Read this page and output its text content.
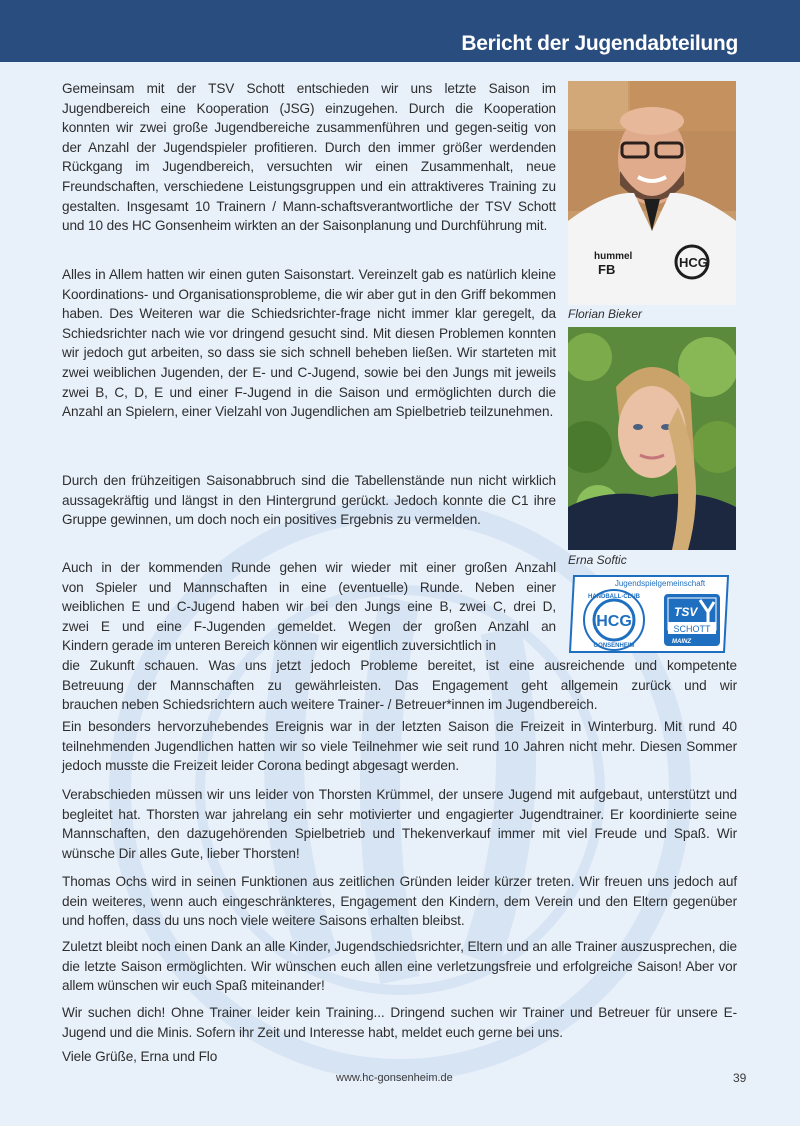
Bericht der Jugendabteilung
Gemeinsam mit der TSV Schott entschieden wir uns letzte Saison im Jugendbereich eine Kooperation (JSG) einzugehen. Durch die Kooperation konnten wir zwei große Jugendbereiche zusammenführen und gegen-seitig von der Anzahl der Jugendspieler profitieren. Durch den immer größer werdenden Rückgang im Jugendbereich, versuchten wir einen Zusammenhalt, neue Freundschaften, verschiedene Leistungsgruppen und ein attraktiveres Training zu gestalten. Insgesamt 10 Trainern / Mann-schaftsverantwortliche der TSV Schott und 10 des HC Gonsenheim wirkten an der Saisonplanung und Durchführung mit.
Alles in Allem hatten wir einen guten Saisonstart. Vereinzelt gab es natürlich kleine Koordinations- und Organisationsprobleme, die wir aber gut in den Griff bekommen haben. Des Weiteren war die Schiedsrichter-frage nicht immer klar geregelt, da Schiedsrichter nach wie vor dringend gesucht sind. Mit diesen Problemen konnten wir jedoch gut arbeiten, so dass sie sich schnell beheben ließen. Wir starteten mit zwei weiblichen Jugenden, der E- und C-Jugend, sowie bei den Jungs mit jeweils zwei B, C, D, E und einer F-Jugend in die Saison und ermöglichten durch die Anzahl an Spielern, einer Vielzahl von Jugendlichen am Spielbetrieb teilzunehmen.
Durch den frühzeitigen Saisonabbruch sind die Tabellenstände nun nicht wirklich aussagekräftig und längst in den Hintergrund gerückt. Jedoch konnte die C1 ihre Gruppe gewinnen, um doch noch ein positives Ergebnis zu vermelden.
Auch in der kommenden Runde gehen wir wieder mit einer großen Anzahl
von Spieler und Mannschaften in eine (eventuelle) Runde. Neben einer
weiblichen E und C-Jugend haben wir bei den Jungs eine B, zwei C, drei D,
zwei E und eine F-Jugenden gemeldet. Wegen der großen Anzahl an
Kindern gerade im unteren Bereich können wir eigentlich zuversichtlich in
die Zukunft schauen. Was uns jetzt jedoch Probleme bereitet, ist eine ausreichende und kompetente
Betreuung der Mannschaften zu gewährleisten. Das Engagement geht allgemein zurück und wir
brauchen neben Schiedsrichtern auch weitere Trainer- / Betreuer*innen im Jugendbereich.
Ein besonders hervorzuhebendes Ereignis war in der letzten Saison die Freizeit in Winterburg. Mit rund 40 teilnehmenden Jugendlichen hatten wir so viele Teilnehmer wie seit rund 10 Jahren nicht mehr. Diesen Sommer jedoch musste die Freizeit leider Corona bedingt abgesagt werden.
Verabschieden müssen wir uns leider von Thorsten Krümmel, der unsere Jugend mit aufgebaut, unterstützt und begleitet hat. Thorsten war jahrelang ein sehr motivierter und engagierter Jugendtrainer. Er koordinierte seine Mannschaften, den dazugehörenden Spielbetrieb und Thekenverkauf immer mit viel Freude und Spaß. Wir wünsche Dir alles Gute, lieber Thorsten!
Thomas Ochs wird in seinen Funktionen aus zeitlichen Gründen leider kürzer treten. Wir freuen uns jedoch auf dein weiteres, wenn auch eingeschränkteres, Engagement den Kindern, dem Verein und den Eltern gegenüber und hoffen, dass du uns noch viele weitere Saisons erhalten bleibst.
Zuletzt bleibt noch einen Dank an alle Kinder, Jugendschiedsrichter, Eltern und an alle Trainer auszusprechen, die die letzte Saison ermöglichten. Wir wünschen euch allen eine verletzungsfreie und erfolgreiche Saison! Aber vor allem wünschen wir euch Spaß miteinander!
Wir suchen dich! Ohne Trainer leider kein Training... Dringend suchen wir Trainer und Betreuer für unsere E-Jugend und die Minis. Sofern ihr Zeit und Interesse habt, meldet euch gerne bei uns.
Viele Grüße, Erna und Flo
hummel
FB	HCG
Florian Bieker
Erna Softic
Jugendspielgemeinschaft
HANDBALL-CLUB
GONSENHEIM
HCG
TSV
SCHOTT
MAINZ
www.hc-gonsenheim.de	39
